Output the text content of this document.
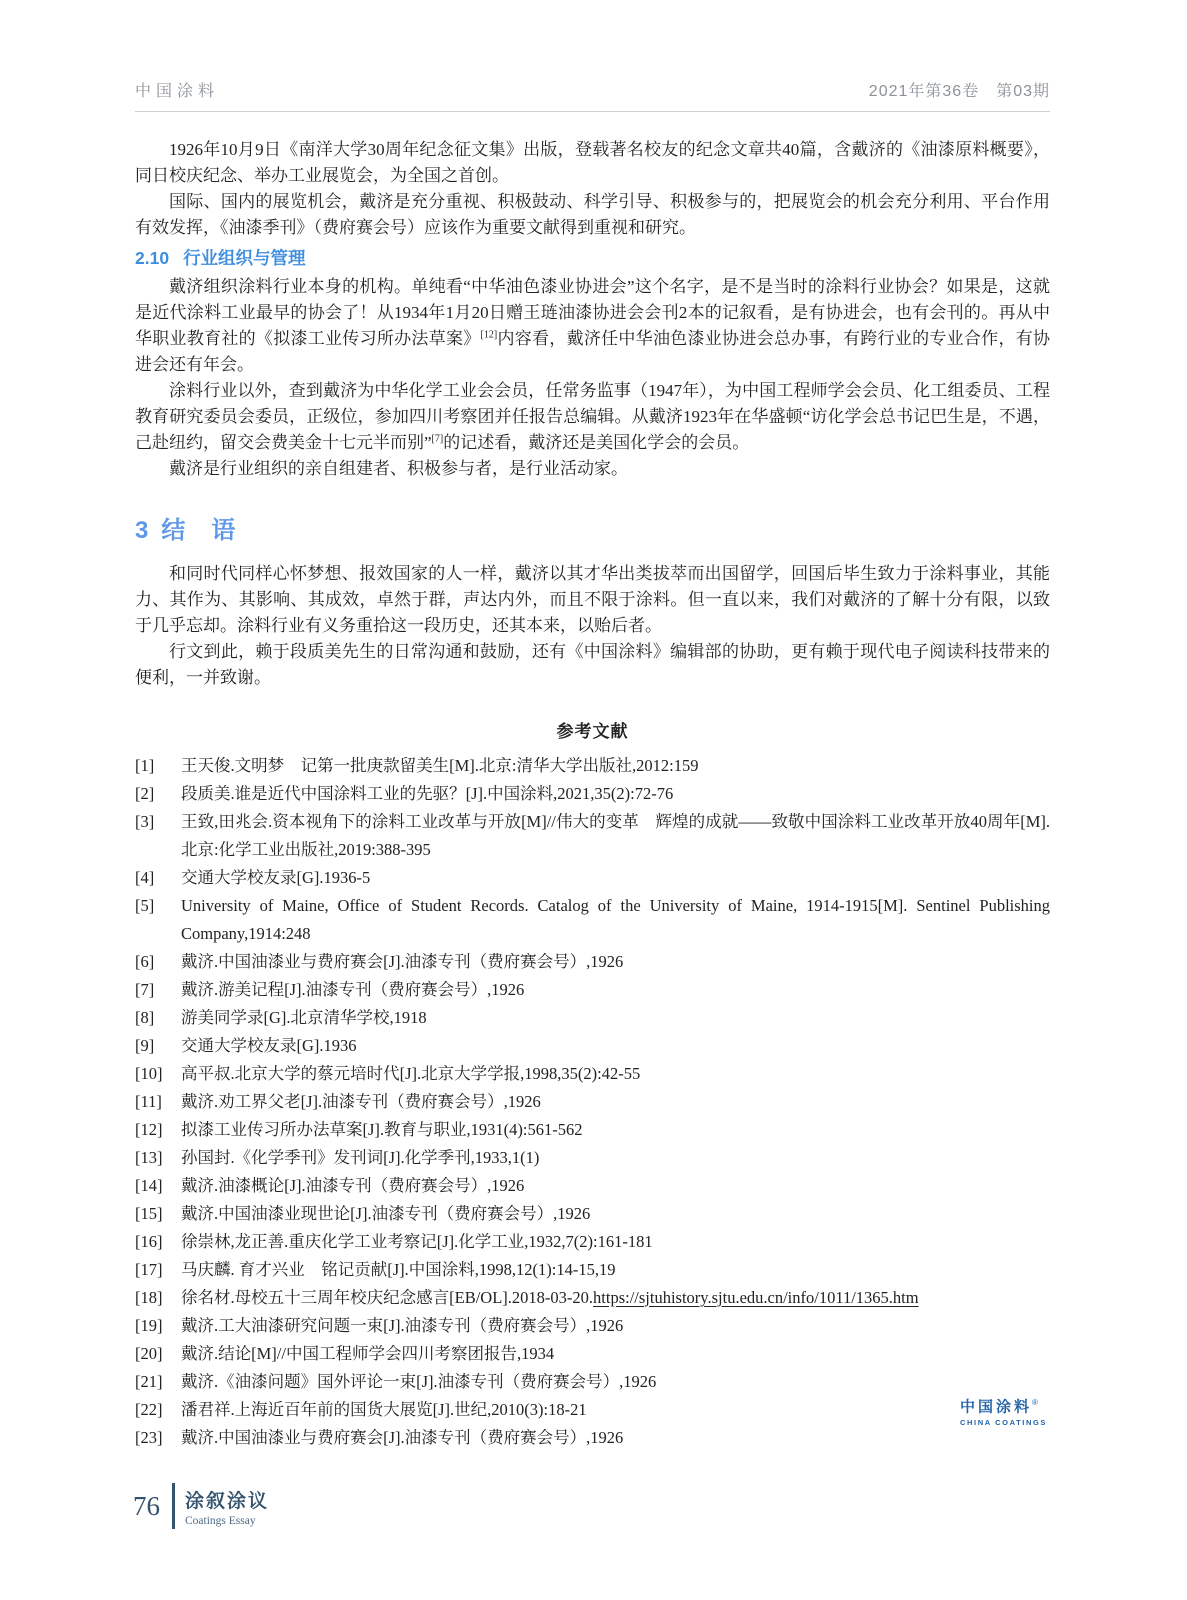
中国涂料	2021年第36卷　第03期

1926年10月9日《南洋大学30周年纪念征文集》出版，登载著名校友的纪念文章共40篇，含戴济的《油漆原料概要》，同日校庆纪念、举办工业展览会，为全国之首创。

国际、国内的展览机会，戴济是充分重视、积极鼓动、科学引导、积极参与的，把展览会的机会充分利用、平台作用有效发挥，《油漆季刊》（费府赛会号）应该作为重要文献得到重视和研究。

2.10 行业组织与管理

戴济组织涂料行业本身的机构。单纯看“中华油色漆业协进会”这个名字，是不是当时的涂料行业协会？如果是，这就是近代涂料工业最早的协会了！从1934年1月20日赠王琏油漆协进会会刊2本的记叙看，是有协进会，也有会刊的。再从中华职业教育社的《拟漆工业传习所办法草案》[12]内容看，戴济任中华油色漆业协进会总办事，有跨行业的专业合作，有协进会还有年会。

涂料行业以外，查到戴济为中华化学工业会会员，任常务监事（1947年），为中国工程师学会会员、化工组委员、工程教育研究委员会委员，正级位，参加四川考察团并任报告总编辑。从戴济1923年在华盛顿“访化学会总书记巴生是，不遇，己赴纽约，留交会费美金十七元半而别”[7]的记述看，戴济还是美国化学会的会员。

戴济是行业组织的亲自组建者、积极参与者，是行业活动家。

3 结　语

和同时代同样心怀梦想、报效国家的人一样，戴济以其才华出类拔萃而出国留学，回国后毕生致力于涂料事业，其能力、其作为、其影响、其成效，卓然于群，声达内外，而且不限于涂料。但一直以来，我们对戴济的了解十分有限，以致于几乎忘却。涂料行业有义务重拾这一段历史，还其本来，以贻后者。

行文到此，赖于段质美先生的日常沟通和鼓励，还有《中国涂料》编辑部的协助，更有赖于现代电子阅读科技带来的便利，一并致谢。

参考文献
[1]	王天俊.文明梦　记第一批庚款留美生[M].北京:清华大学出版社,2012:159
[2]	段质美.谁是近代中国涂料工业的先驱？[J].中国涂料,2021,35(2):72-76
[3]	王致,田兆会.资本视角下的涂料工业改革与开放[M]//伟大的变革　辉煌的成就——致敬中国涂料工业改革开放40周年[M].北京:化学工业出版社,2019:388-395
[4]	交通大学校友录[G].1936-5
[5]	University of Maine, Office of Student Records. Catalog of the University of Maine, 1914-1915[M]. Sentinel Publishing Company,1914:248
[6]	戴济.中国油漆业与费府赛会[J].油漆专刊（费府赛会号）,1926
[7]	戴济.游美记程[J].油漆专刊（费府赛会号）,1926
[8]	游美同学录[G].北京清华学校,1918
[9]	交通大学校友录[G].1936
[10]	高平叔.北京大学的蔡元培时代[J].北京大学学报,1998,35(2):42-55
[11]	戴济.劝工界父老[J].油漆专刊（费府赛会号）,1926
[12]	拟漆工业传习所办法草案[J].教育与职业,1931(4):561-562
[13]	孙国封.《化学季刊》发刊词[J].化学季刊,1933,1(1)
[14]	戴济.油漆概论[J].油漆专刊（费府赛会号）,1926
[15]	戴济.中国油漆业现世论[J].油漆专刊（费府赛会号）,1926
[16]	徐崇林,龙正善.重庆化学工业考察记[J].化学工业,1932,7(2):161-181
[17]	马庆麟. 育才兴业　铭记贡献[J].中国涂料,1998,12(1):14-15,19
[18]	徐名材.母校五十三周年校庆纪念感言[EB/OL].2018-03-20.https://sjtuhistory.sjtu.edu.cn/info/1011/1365.htm
[19]	戴济.工大油漆研究问题一束[J].油漆专刊（费府赛会号）,1926
[20]	戴济.结论[M]//中国工程师学会四川考察团报告,1934
[21]	戴济.《油漆问题》国外评论一束[J].油漆专刊（费府赛会号）,1926
[22]	潘君祥.上海近百年前的国货大展览[J].世纪,2010(3):18-21
[23]	戴济.中国油漆业与费府赛会[J].油漆专刊（费府赛会号）,1926
中国涂料®
CHINA COATINGS
76 涂叙涂议
Coatings Essay
